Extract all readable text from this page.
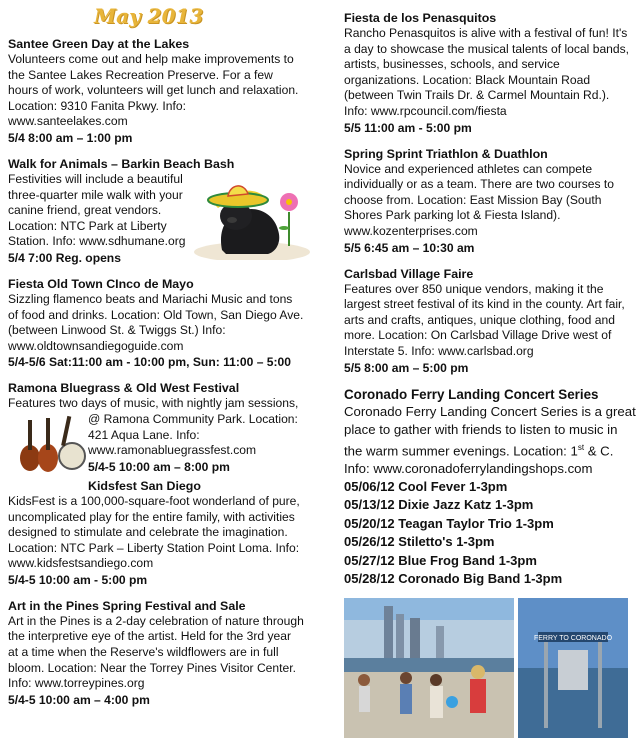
May 2013
Santee Green Day at the Lakes
Volunteers come out and help make improvements to the Santee Lakes Recreation Preserve. For a few hours of work, volunteers will get lunch and relaxation. Location: 9310 Fanita Pkwy. Info: www.santeelakes.com
5/4 8:00 am – 1:00 pm
Walk for Animals – Barkin Beach Bash
Festivities will include a beautiful three-quarter mile walk with your canine friend, great vendors. Location: NTC Park at Liberty Station. Info: www.sdhumane.org
5/4 7:00 Reg. opens
Fiesta Old Town CInco de Mayo
Sizzling flamenco beats and Mariachi Music and tons of food and drinks. Location: Old Town, San Diego Ave. (between Linwood St. & Twiggs St.) Info: www.oldtownsandiegoguide.com
5/4-5/6 Sat:11:00 am - 10:00 pm, Sun: 11:00 – 5:00
Ramona Bluegrass & Old West Festival
Features two days of music, with nightly jam sessions,
@ Ramona Community Park. Location: 421 Aqua Lane. Info: www.ramonabluegrassfest.com
5/4-5 10:00 am – 8:00 pm
Kidsfest San Diego
KidsFest is a 100,000-square-foot wonderland of pure, uncomplicated play for the entire family, with activities designed to stimulate and celebrate the imagination. Location: NTC Park – Liberty Station Point Loma. Info: www.kidsfestsandiego.com
5/4-5 10:00 am - 5:00 pm
Art in the Pines Spring Festival and Sale
Art in the Pines is a 2-day celebration of nature through the interpretive eye of the artist. Held for the 3rd year at a time when the Reserve's wildflowers are in full bloom. Location: Near the Torrey Pines Visitor Center. Info: www.torreypines.org
5/4-5 10:00 am – 4:00 pm
Fiesta de los Penasquitos
Rancho Penasquitos is alive with a festival of fun! It's a day to showcase the musical talents of local bands, artists, businesses, schools, and service organizations. Location: Black Mountain Road (between Twin Trails Dr. & Carmel Mountain Rd.). Info: www.rpcouncil.com/fiesta
5/5 11:00 am - 5:00 pm
Spring Sprint Triathlon & Duathlon
Novice and experienced athletes can compete individually or as a team. There are two courses to choose from. Location: East Mission Bay (South Shores Park parking lot & Fiesta Island). www.kozenterprises.com
5/5 6:45 am – 10:30 am
Carlsbad Village Faire
Features over 850 unique vendors, making it the largest street festival of its kind in the county. Art fair, arts and crafts, antiques, unique clothing, food and more. Location: On Carlsbad Village Drive west of Interstate 5. Info: www.carlsbad.org
5/5 8:00 am – 5:00 pm
Coronado Ferry Landing Concert Series
Coronado Ferry Landing Concert Series is a great place to gather with friends to listen to music in the warm summer evenings. Location: 1st & C. Info: www.coronadoferrylandingshops.com
05/06/12 Cool Fever 1-3pm
05/13/12 Dixie Jazz Katz 1-3pm
05/20/12 Teagan Taylor Trio 1-3pm
05/26/12 Stiletto's 1-3pm
05/27/12 Blue Frog Band 1-3pm
05/28/12 Coronado Big Band 1-3pm
FERRY TO CORONADO
